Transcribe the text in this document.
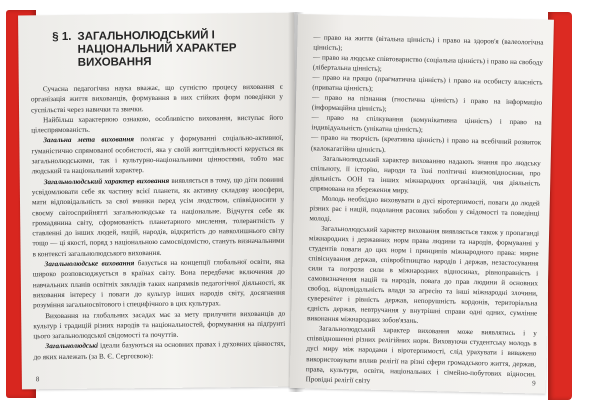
§ 1. ЗАГАЛЬНОЛЮДСЬКИЙ І НАЦІОНАЛЬНИЙ ХАРАКТЕР ВИХОВАННЯ

Сучасна педагогічна наука вважає, що сутністю процесу виховання є організація життя вихованців, формування в них стійких форм поведінки у суспільстві через навички та звички.

Найбільш характерною ознакою, особливістю виховання, виступає його цілеспрямованість.

Загальна мета виховання полягає у формуванні соціально-активної, гуманістично спрямованої особистості, яка у своїй життєдіяльності керується як загальнолюдськими, так і культурно-національними цінностями, тобто має людський та національний характер.

Загальнолюдський характер виховання виявляється в тому, що діти повинні усвідомлювати себе як частину всієї планети, як активну складову ноосфери, мати відповідальність за свої вчинки перед усім людством, співвідносити у своєму світосприйнятті загальнолюдське та національне. Відчуття себе як громадянина світу, сформованість планетарного мислення, толерантність у ставленні до інших людей, націй, народів, відкритість до навколишнього світу тощо — ці якості, поряд з національною самосвідомістю, стануть визначальними в контексті загальнолюдського виховання.

Загальнолюдське виховання базується на концепції глобальної освіти, яка широко розповсюджується в країнах світу. Вона передбачає включення до навчальних планів освітніх закладів таких напрямків педагогічної діяльності, як виховання інтересу і поваги до культур інших народів світу, досягнення розуміння загальносвітового і специфічного в цих культурах.

Виховання на глобальних засадах має за мету прилучити вихованців до культур і традицій різних народів та національностей, формування на підґрунті цього загальнолюдської свідомості та почуттів.

Загальнолюдські ідеали базуються на основних правах і духовних цінностях, до яких належать (за В. Є. Сергєєвою):

8
— право на життя (вітальна цінність) і право на здоров'я (валеологічна цінність);
— право на людське співтовариство (соціальна цінність) і право на свободу (лібертальна цінність);
— право на працю (прагматична цінність) і право на особисту власність (приватна цінність);
— право на пізнання (гностична цінність) і право на інформацію (інформаційна цінність);
— право на спілкування (комунікативна цінність) і право на індивідуальність (унікатна цінність);
— право на творчість (креативна цінність) і право на всебічний розвиток (калокагатійна цінність).

Загальнолюдський характер вихованню надають знання про людську спільноту, її історію, народи та їхні політичні взаємовідносини, про діяльність ООН та інших міжнародних організацій, чия діяльність спрямована на збереження миру.

Молодь необхідно виховувати в дусі віротерпимості, поваги до людей різних рас і націй, подолання расових забобон у свідомості та поведінці молоді.

Загальнолюдський характер виховання виявляється також у пропаганді міжнародних і державних норм права людини та народів, формуванні у студентів поваги до цих норм і принципів міжнародного права: мирне співіснування держав, співробітництво народів і держав, незастосування сили та погрози сили в міжнародних відносинах, рівноправність і самовизначення націй та народів, повага до прав людини й основних свобод, відповідальність влади за агресію та інші міжнародні злочини, суверенітет і рівність держав, непорушність кордонів, територіальна єдність держав, невтручання у внутрішні справи одні одних, сумлінне виконання міжнародних зобов'язань.

Загальнолюдський характер виховання може виявлятись і у співвідношенні різних релігійних норм. Виховуючи студентську молодь в дусі миру між народами і віротерпимості, слід урахувати і виважено використовувати вплив релігії на різні сфери громадського життя, держав, права, культури, освіти, національних і сімейно-побутових відносин. Провідні релігії світу	9
